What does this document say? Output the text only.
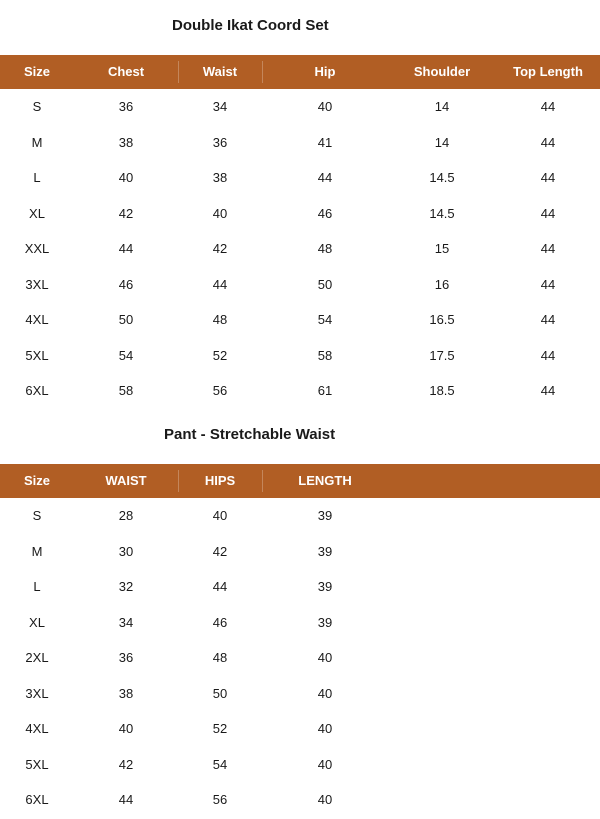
Double Ikat Coord Set
Size	Chest	Waist	Hip	Shoulder	Top Length
S	36	34	40	14	44
M	38	36	41	14	44
L	40	38	44	14.5	44
XL	42	40	46	14.5	44
XXL	44	42	48	15	44
3XL	46	44	50	16	44
4XL	50	48	54	16.5	44
5XL	54	52	58	17.5	44
6XL	58	56	61	18.5	44
Pant - Stretchable Waist
Size	WAIST	HIPS	LENGTH
S	28	40	39
M	30	42	39
L	32	44	39
XL	34	46	39
2XL	36	48	40
3XL	38	50	40
4XL	40	52	40
5XL	42	54	40
6XL	44	56	40
